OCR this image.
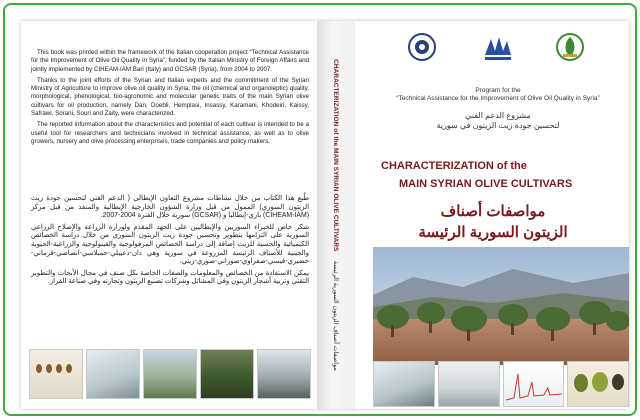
This book was printed within the framework of the Italian cooperation project “Technical Assistance for the Improvement of Olive Oil Quality in Syria”, funded by the Italian Ministry of Foreign Affairs and jointly implemented by CIHEAM-IAM Bari (Italy) and GCSAR (Syria), from 2004 to 2007.

Thanks to the joint efforts of the Syrian and Italian experts and the commitment of the Syrian Ministry of Agriculture to improve olive oil quality in Syria, the oil (chemical and organoleptic) quality, morphological, phenological, bio-agronomic and molecular genetic traits of the main Syrian olive cultivars for oil production, namely Dan, Doebli, Hemplasi, Insassy, Karamani, Khodeiri, Kaissy, Safrawi, Sorani, Souri and Zaity, were characterized.

The reported information about the characteristics and potential of each cultivar is intended to be a useful tool for researchers and technicians involved in technical assistance, as well as to olive growers, nursery and olive processing enterprises, trade companies and policy makers.

طُبع هذا الكتاب من خلال نشاطات مشروع التعاون الإيطالي ( الدعم الفني لتحسين جودة زيت الزيتون السوري) الممول من قبل وزارة الشؤون الخارجية الإيطالية والمنفذ من قبل مركز (CIHEAM-IAM) باري-إيطاليا و (GCSAR) سورية خلال الفترة 2004-2007.

شكر خاص للخبراء السوريين والإيطاليين على الجهد المقدم ولوزارة الزراعة والإصلاح الزراعي السورية على التزامها بتطوير وتحسين جودة زيت الزيتون السوري من خلال دراسة الخصائص الكيميائية والحسية للزيت إضافة إلى دراسة الخصائص المرفولوجية والفينولوجية والزراعية-الحيوية والجينية للأصناف الرئيسة المزروعة في سورية وهي دان-دعيبلي-حمبلاسي-انصاصي-قرماني-خضيري-قيسي-صفراوي-صوراني-صوري-زيتي.

يمكن الاستفادة من الخصائص والمعلومات والصفات الخاصة بكل صنف في مجال الأبحاث والتطوير التقني وتربية أشجار الزيتون وفي المشاتل وشركات تصنيع الزيتون وتجارته وفي صناعة القرار.

CHARACTERIZATION of the MAIN SYRIAN OLIVE CULTIVARS     مواصفات أصناف الزيتون السورية الرئيسة
Program for the
“Technical Assistance for the Improvement of Olive Oil Quality in Syria”
مشروع الدعم الفني
لتحسين جودة زيت الزيتون في سورية
CHARACTERIZATION of the
MAIN SYRIAN OLIVE CULTIVARS
مواصفات أصناف
الزيتون السورية الرئيسة
